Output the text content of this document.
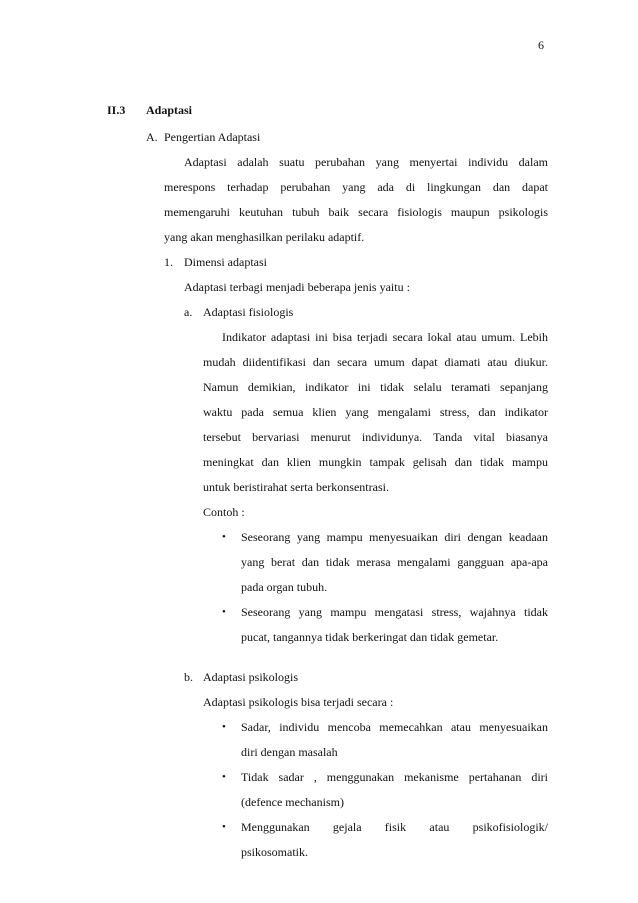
6
II.3 Adaptasi
A. Pengertian Adaptasi
Adaptasi adalah suatu perubahan yang menyertai individu dalam
merespons terhadap perubahan yang ada di lingkungan dan dapat
memengaruhi keutuhan tubuh baik secara fisiologis maupun psikologis
yang akan menghasilkan perilaku adaptif.
1. Dimensi adaptasi
Adaptasi terbagi menjadi beberapa jenis yaitu :
a. Adaptasi fisiologis
Indikator adaptasi ini bisa terjadi secara lokal atau umum. Lebih
mudah diidentifikasi dan secara umum dapat diamati atau diukur.
Namun demikian, indikator ini tidak selalu teramati sepanjang
waktu pada semua klien yang mengalami stress, dan indikator
tersebut bervariasi menurut individunya. Tanda vital biasanya
meningkat dan klien mungkin tampak gelisah dan tidak mampu
untuk beristirahat serta berkonsentrasi.
Contoh :
• Seseorang yang mampu menyesuaikan diri dengan keadaan
yang berat dan tidak merasa mengalami gangguan apa-apa
pada organ tubuh.
• Seseorang yang mampu mengatasi stress, wajahnya tidak
pucat, tangannya tidak berkeringat dan tidak gemetar.
b. Adaptasi psikologis
Adaptasi psikologis bisa terjadi secara :
• Sadar, individu mencoba memecahkan atau menyesuaikan
diri dengan masalah
• Tidak sadar , menggunakan mekanisme pertahanan diri
(defence mechanism)
• Menggunakan gejala fisik atau psikofisiologik/
psikosomatik.
